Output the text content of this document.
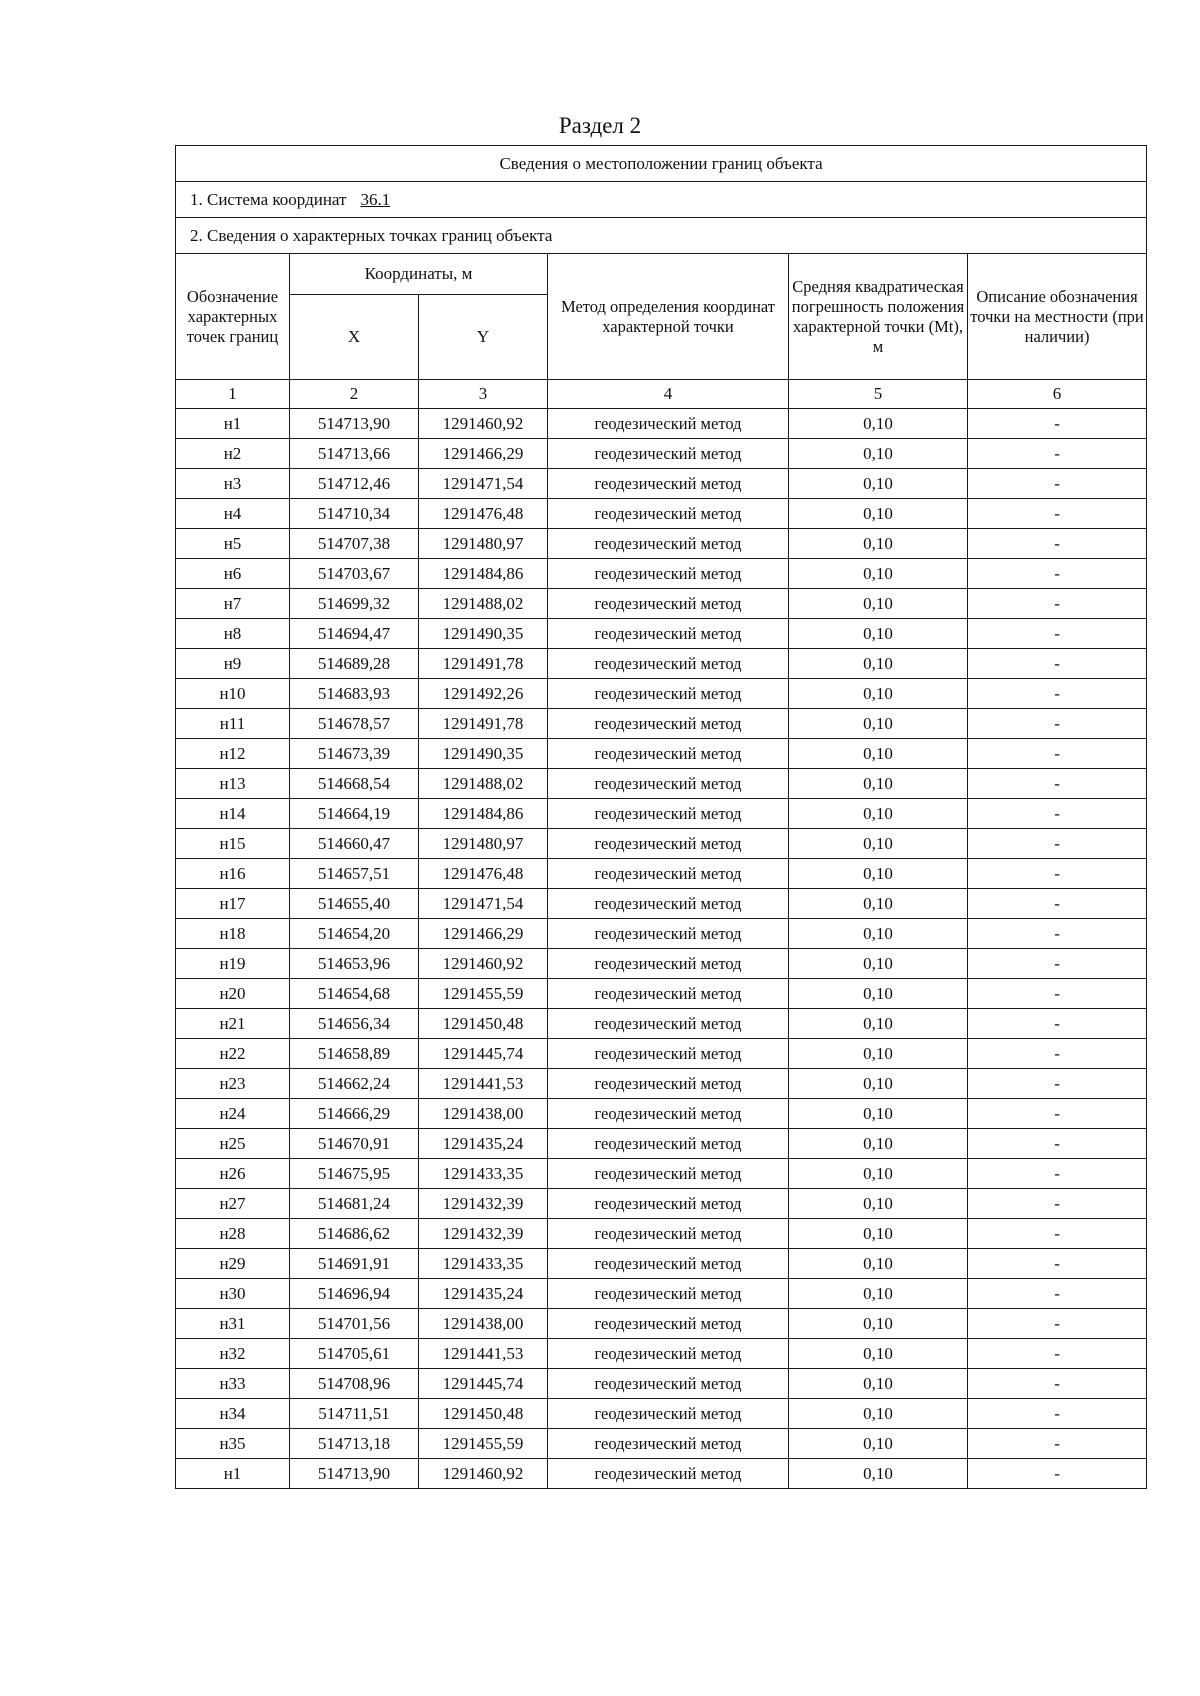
Раздел 2
Сведения о местоположении границ объекта					
1. Система координат 36.1					
2. Сведения о характерных точках границ объекта					
Обозначение характерных точек границ	Координаты, м		Метод определения координат характерной точки	Средняя квадратическая погрешность положения характерной точки (Mt), м	Описание обозначения точки на местности (при наличии)
	X	Y			
1	2	3	4	5	6
н1	514713,90	1291460,92	геодезический метод	0,10	-
н2	514713,66	1291466,29	геодезический метод	0,10	-
н3	514712,46	1291471,54	геодезический метод	0,10	-
н4	514710,34	1291476,48	геодезический метод	0,10	-
н5	514707,38	1291480,97	геодезический метод	0,10	-
н6	514703,67	1291484,86	геодезический метод	0,10	-
н7	514699,32	1291488,02	геодезический метод	0,10	-
н8	514694,47	1291490,35	геодезический метод	0,10	-
н9	514689,28	1291491,78	геодезический метод	0,10	-
н10	514683,93	1291492,26	геодезический метод	0,10	-
н11	514678,57	1291491,78	геодезический метод	0,10	-
н12	514673,39	1291490,35	геодезический метод	0,10	-
н13	514668,54	1291488,02	геодезический метод	0,10	-
н14	514664,19	1291484,86	геодезический метод	0,10	-
н15	514660,47	1291480,97	геодезический метод	0,10	-
н16	514657,51	1291476,48	геодезический метод	0,10	-
н17	514655,40	1291471,54	геодезический метод	0,10	-
н18	514654,20	1291466,29	геодезический метод	0,10	-
н19	514653,96	1291460,92	геодезический метод	0,10	-
н20	514654,68	1291455,59	геодезический метод	0,10	-
н21	514656,34	1291450,48	геодезический метод	0,10	-
н22	514658,89	1291445,74	геодезический метод	0,10	-
н23	514662,24	1291441,53	геодезический метод	0,10	-
н24	514666,29	1291438,00	геодезический метод	0,10	-
н25	514670,91	1291435,24	геодезический метод	0,10	-
н26	514675,95	1291433,35	геодезический метод	0,10	-
н27	514681,24	1291432,39	геодезический метод	0,10	-
н28	514686,62	1291432,39	геодезический метод	0,10	-
н29	514691,91	1291433,35	геодезический метод	0,10	-
н30	514696,94	1291435,24	геодезический метод	0,10	-
н31	514701,56	1291438,00	геодезический метод	0,10	-
н32	514705,61	1291441,53	геодезический метод	0,10	-
н33	514708,96	1291445,74	геодезический метод	0,10	-
н34	514711,51	1291450,48	геодезический метод	0,10	-
н35	514713,18	1291455,59	геодезический метод	0,10	-
н1	514713,90	1291460,92	геодезический метод	0,10	-
